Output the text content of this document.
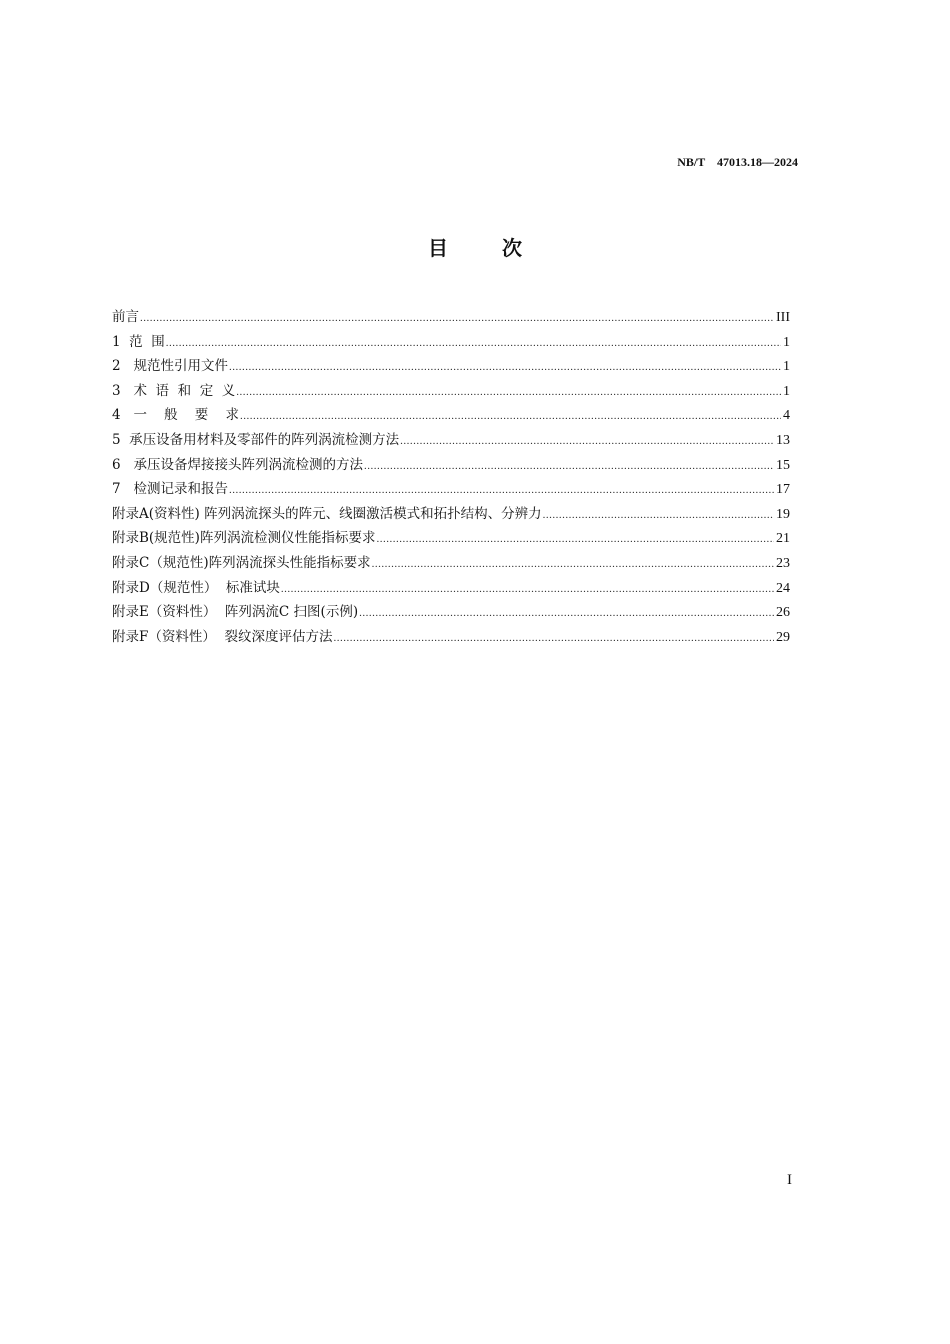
NB/T    47013.18—2024
目	次
前言 .....	III
1  范  围 .....	1
2   规范性引用文件 .....	1
3   术  语  和  定  义 .....	1
4   一    般    要    求 .....	4
5  承压设备用材料及零部件的阵列涡流检测方法 .....	13
6   承压设备焊接接头阵列涡流检测的方法 .....	15
7   检测记录和报告 .....	17
附录A(资料性) 阵列涡流探头的阵元、线圈激活模式和拓扑结构、分辨力 .....	19
附录B(规范性)阵列涡流检测仪性能指标要求 .....	21
附录C（规范性)阵列涡流探头性能指标要求 .....	23
附录D（规范性）  标准试块 .....	24
附录E（资料性）  阵列涡流C 扫图(示例) .....	26
附录F（资料性）  裂纹深度评估方法 .....	29
I
